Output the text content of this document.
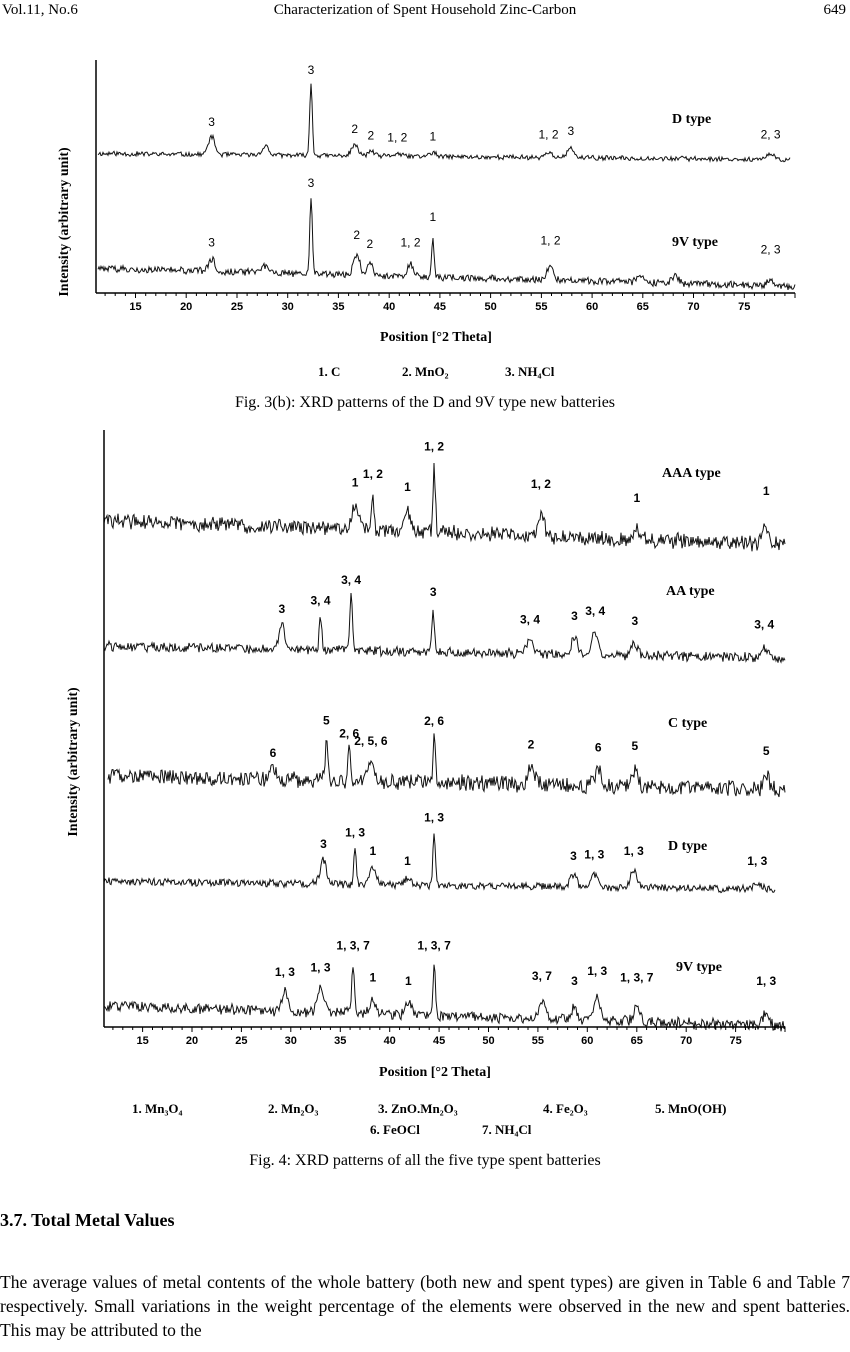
Vol.11, No.6	Characterization of Spent Household Zinc-Carbon	649
D type
3
3
2 2 1, 2 1	1, 2 3	2, 3
9V type
3
3
2
2 1, 2
1
1, 2
2, 3
15	20	25	30	35	40	45	50	55	60	65	70	75
Intensity (arbitrary unit)
Position [°2 Theta]
1. C	2. MnO₂	3. NH₄Cl
Fig. 3(b): XRD patterns of the D and 9V type new batteries
AAA type
1
1, 2
1
1, 2
1, 2
1	1
AA type
3
3, 4
3, 4
3
3, 4	3 3, 4
3	3, 4
C type
6
5
2, 6
2, 5, 6
2, 6
2	6 5	5
D type
3
1, 3
1
1
1, 3
3 1, 3 1, 3
1, 3
9V type
1, 3 1, 3
1, 3, 7
1 1
1, 3, 7
3, 7 3
1, 3 1, 3, 7	1, 3
15	20	25	30	35	40	45	50	55	60	65	70	75
Intensity (arbitrary unit)
Position [°2 Theta]
1. Mn₃O₄	2. Mn₂O₃	3. ZnO.Mn₂O₃	4. Fe₂O₃	5. MnO(OH)
6. FeOCl	7. NH₄Cl
Fig. 4: XRD patterns of all the five type spent batteries
3.7. Total Metal Values

The average values of metal contents of the whole battery (both new and spent types) are given in Table 6 and Table 7 respectively. Small variations in the weight percentage of the elements were observed in the new and spent batteries. This may be attributed to the
